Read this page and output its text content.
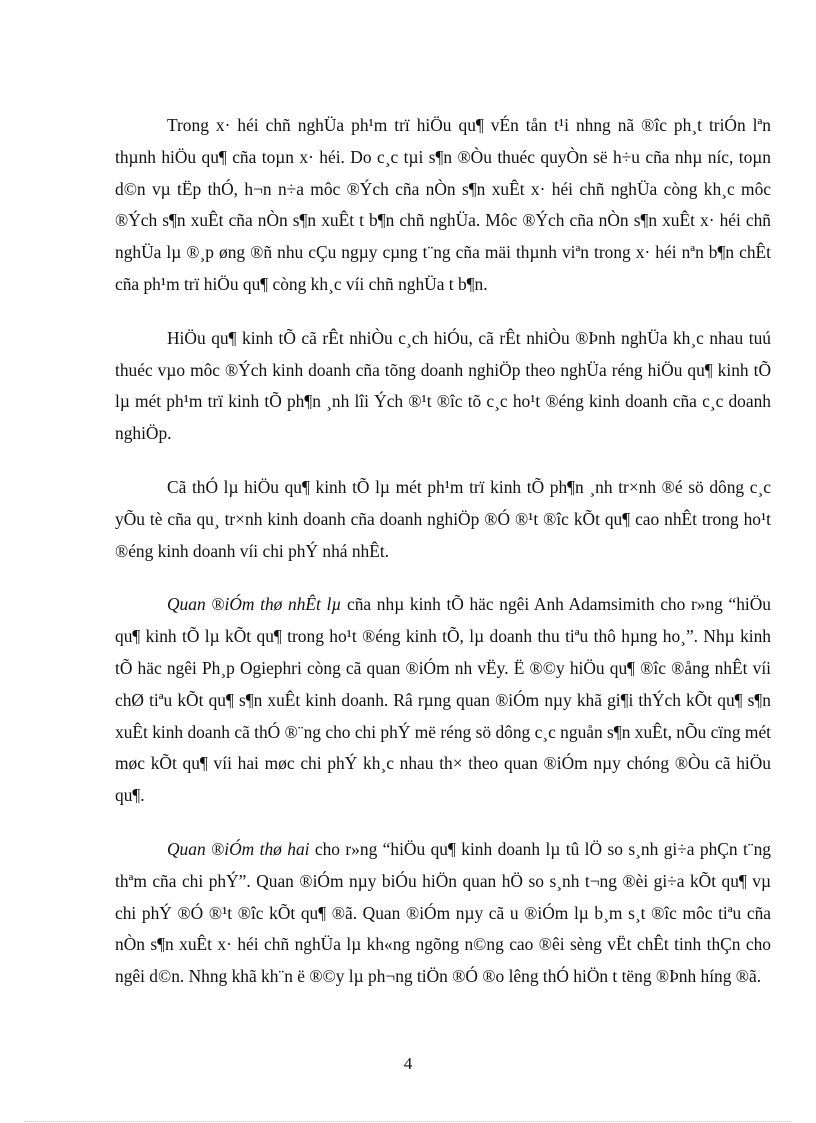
Trong x· héi chñ nghÜa ph¹m trï hiÖu qu¶ vÉn tån t¹i nhng nã ®îc ph¸t triÓn lªn thµnh hiÖu qu¶ cña toµn x· héi. Do c¸c tµi s¶n ®Òu thuéc quyÒn së h÷u cña nhµ níc, toµn d©n vµ tËp thÓ, h¬n n÷a môc ®Ých cña nÒn s¶n xuÊt x· héi chñ nghÜa còng kh¸c môc ®Ých s¶n xuÊt cña nÒn s¶n xuÊt t b¶n chñ nghÜa. Môc ®Ých cña nÒn s¶n xuÊt x· héi chñ nghÜa lµ ®¸p øng ®ñ nhu cÇu ngµy cµng t¨ng cña mäi thµnh viªn trong x· héi nªn b¶n chÊt cña ph¹m trï hiÖu qu¶ còng kh¸c víi chñ nghÜa t b¶n.

HiÖu qu¶ kinh tÕ cã rÊt nhiÒu c¸ch hiÓu, cã rÊt nhiÒu ®Þnh nghÜa kh¸c nhau tuú thuéc vµo môc ®Ých kinh doanh cña tõng doanh nghiÖp theo nghÜa réng hiÖu qu¶ kinh tÕ lµ mét ph¹m trï kinh tÕ ph¶n ¸nh lîi Ých ®¹t ®îc tõ c¸c ho¹t ®éng kinh doanh cña c¸c doanh nghiÖp.

Cã thÓ lµ hiÖu qu¶ kinh tÕ lµ mét ph¹m trï kinh tÕ ph¶n ¸nh tr×nh ®é sö dông c¸c yÕu tè cña qu¸ tr×nh kinh doanh cña doanh nghiÖp ®Ó ®¹t ®îc kÕt qu¶ cao nhÊt trong ho¹t ®éng kinh doanh víi chi phÝ nhá nhÊt.

Quan ®iÓm thø nhÊt lµ cña nhµ kinh tÕ häc ngêi Anh Adamsimith cho r»ng “hiÖu qu¶ kinh tÕ lµ kÕt qu¶ trong ho¹t ®éng kinh tÕ, lµ doanh thu tiªu thô hµng ho¸”. Nhµ kinh tÕ häc ngêi Ph¸p Ogiephri còng cã quan ®iÓm nh vËy. Ë ®©y hiÖu qu¶ ®îc ®ång nhÊt víi chØ tiªu kÕt qu¶ s¶n xuÊt kinh doanh. Râ rµng quan ®iÓm nµy khã gi¶i thÝch kÕt qu¶ s¶n xuÊt kinh doanh cã thÓ ®¨ng cho chi phÝ më réng sö dông c¸c nguån s¶n xuÊt, nÕu cïng mét møc kÕt qu¶ víi hai møc chi phÝ kh¸c nhau th× theo quan ®iÓm nµy chóng ®Òu cã hiÖu qu¶.

Quan ®iÓm thø hai cho r»ng “hiÖu qu¶ kinh doanh lµ tû lÖ so s¸nh gi÷a phÇn t¨ng thªm cña chi phÝ”. Quan ®iÓm nµy biÓu hiÖn quan hÖ so s¸nh t¬ng ®èi gi÷a kÕt qu¶ vµ chi phÝ ®Ó ®¹t ®îc kÕt qu¶ ®ã. Quan ®iÓm nµy cã u ®iÓm lµ b¸m s¸t ®îc môc tiªu cña nÒn s¶n xuÊt x· héi chñ nghÜa lµ kh«ng ngõng n©ng cao ®êi sèng vËt chÊt tinh thÇn cho ngêi d©n. Nhng khã kh¨n ë ®©y lµ ph¬ng tiÖn ®Ó ®o lêng thÓ hiÖn t tëng ®Þnh híng ®ã.

4
